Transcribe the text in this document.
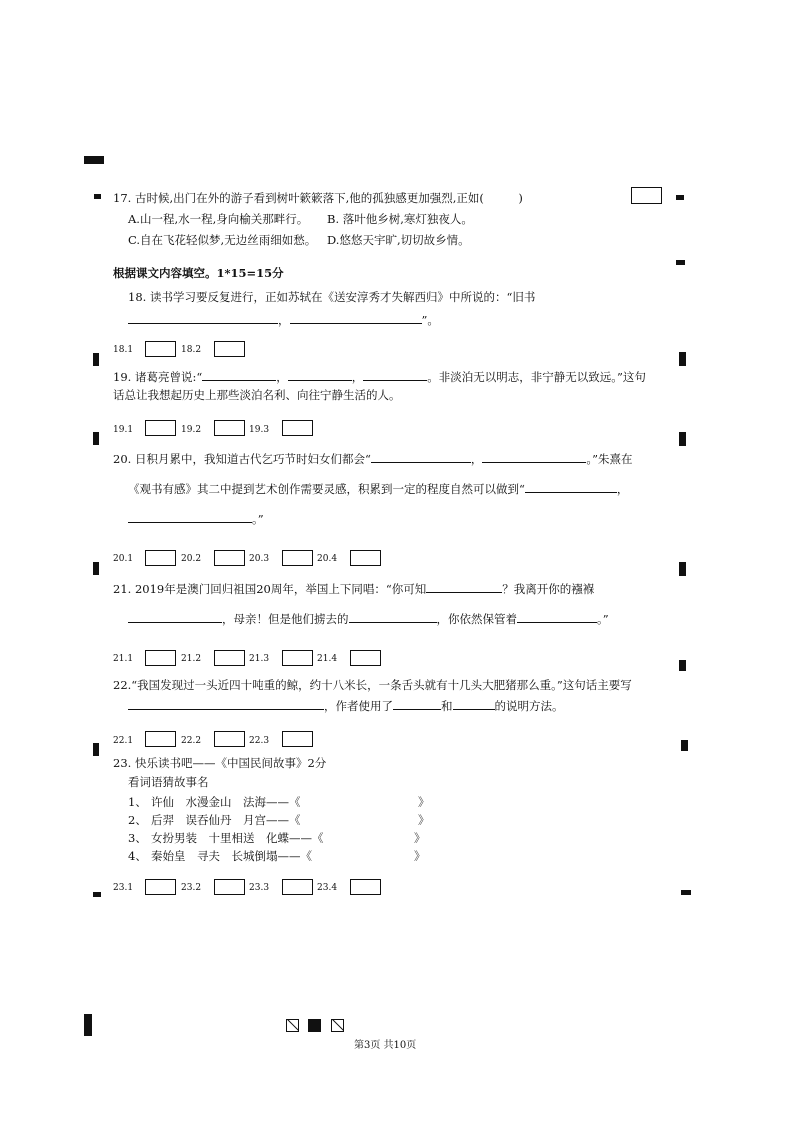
17. 古时候,出门在外的游子看到树叶簌簌落下,他的孤独感更加强烈,正如(　　　)
A.山一程,水一程,身向榆关那畔行。 B. 落叶他乡树,寒灯独夜人。
C.自在飞花轻似梦,无边丝雨细如愁。 D.悠悠天宇旷,切切故乡情。
根据课文内容填空。1*15=15分
18. 读书学习要反复进行，正如苏轼在《送安淳秀才失解西归》中所说的：“旧书
，	”。
18.1	18.2
19. 诸葛亮曾说:“	，	，	。非淡泊无以明志，非宁静无以致远。”这句
话总让我想起历史上那些淡泊名利、向往宁静生活的人。
19.1	19.2	19.3
20. 日积月累中，我知道古代乞巧节时妇女们都会“	，	。”朱熹在
《观书有感》其二中提到艺术创作需要灵感，积累到一定的程度自然可以做到“	，
。”
20.1	20.2	20.3	20.4
21. 2019年是澳门回归祖国20周年，举国上下同唱：“你可知	？我离开你的襁褓
，母亲！但是他们掳去的	，你依然保管着	。”
21.1	21.2	21.3	21.4
22.“我国发现过一头近四十吨重的鲸，约十八米长，一条舌头就有十几头大肥猪那么重。”这句话主要写
，作者使用了	和	的说明方法。
22.1	22.2	22.3
23. 快乐读书吧——《中国民间故事》2分
看词语猜故事名
1、 许仙　水漫金山　法海——《	》
2、 后羿　误吞仙丹　月宫——《	》
3、 女扮男装　十里相送　化蝶——《	》
4、 秦始皇　寻夫　长城倒塌——《	》
23.1	23.2	23.3	23.4
第3页 共10页
